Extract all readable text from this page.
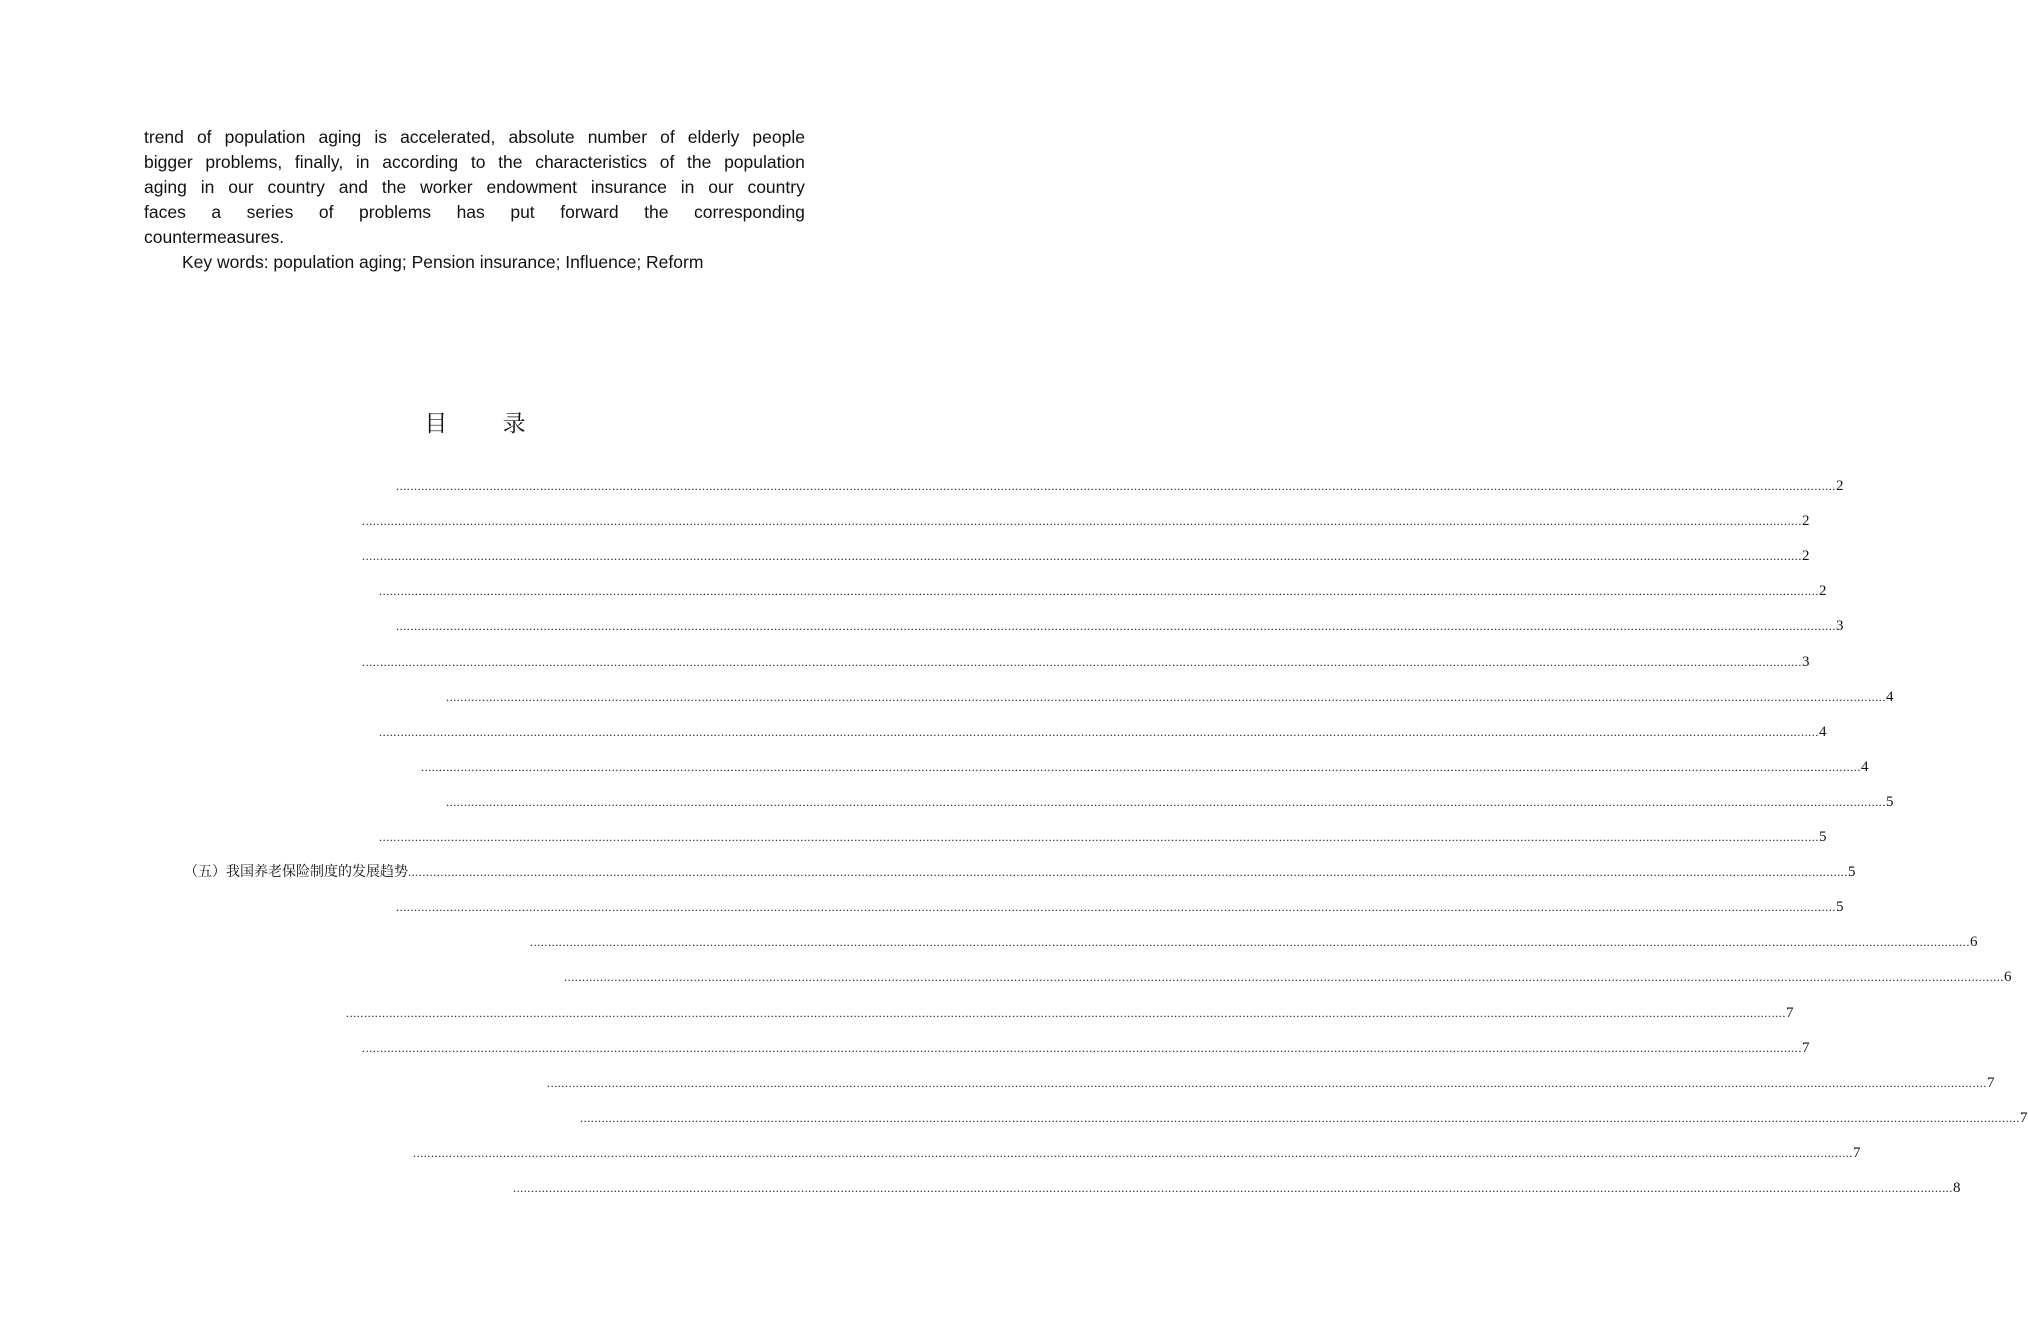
trend of population aging is accelerated, absolute number of elderly people
bigger problems, finally, in according to the characteristics of the population
aging in our country and the worker endowment insurance in our country
faces a series of problems has put forward the corresponding
countermeasures.
Key words: population aging; Pension insurance; Influence; Reform
目 录
................................................................................................................................................................................................................................................................................................................................................................................................................ 2
................................................................................................................................................................................................................................................................................................................................................................................................................ 2
................................................................................................................................................................................................................................................................................................................................................................................................................ 2
................................................................................................................................................................................................................................................................................................................................................................................................................ 2
................................................................................................................................................................................................................................................................................................................................................................................................................ 3
................................................................................................................................................................................................................................................................................................................................................................................................................ 3
................................................................................................................................................................................................................................................................................................................................................................................................................ 4
................................................................................................................................................................................................................................................................................................................................................................................................................ 4
................................................................................................................................................................................................................................................................................................................................................................................................................ 4
................................................................................................................................................................................................................................................................................................................................................................................................................ 5
................................................................................................................................................................................................................................................................................................................................................................................................................ 5
（五）我国养老保险制度的发展趋势 ................................................................................................................................................................................................................................................................................................................................................................................................................ 5
................................................................................................................................................................................................................................................................................................................................................................................................................ 5
................................................................................................................................................................................................................................................................................................................................................................................................................ 6
................................................................................................................................................................................................................................................................................................................................................................................................................ 6
................................................................................................................................................................................................................................................................................................................................................................................................................ 7
................................................................................................................................................................................................................................................................................................................................................................................................................ 7
................................................................................................................................................................................................................................................................................................................................................................................................................ 7
................................................................................................................................................................................................................................................................................................................................................................................................................ 7
................................................................................................................................................................................................................................................................................................................................................................................................................ 7
................................................................................................................................................................................................................................................................................................................................................................................................................ 8
